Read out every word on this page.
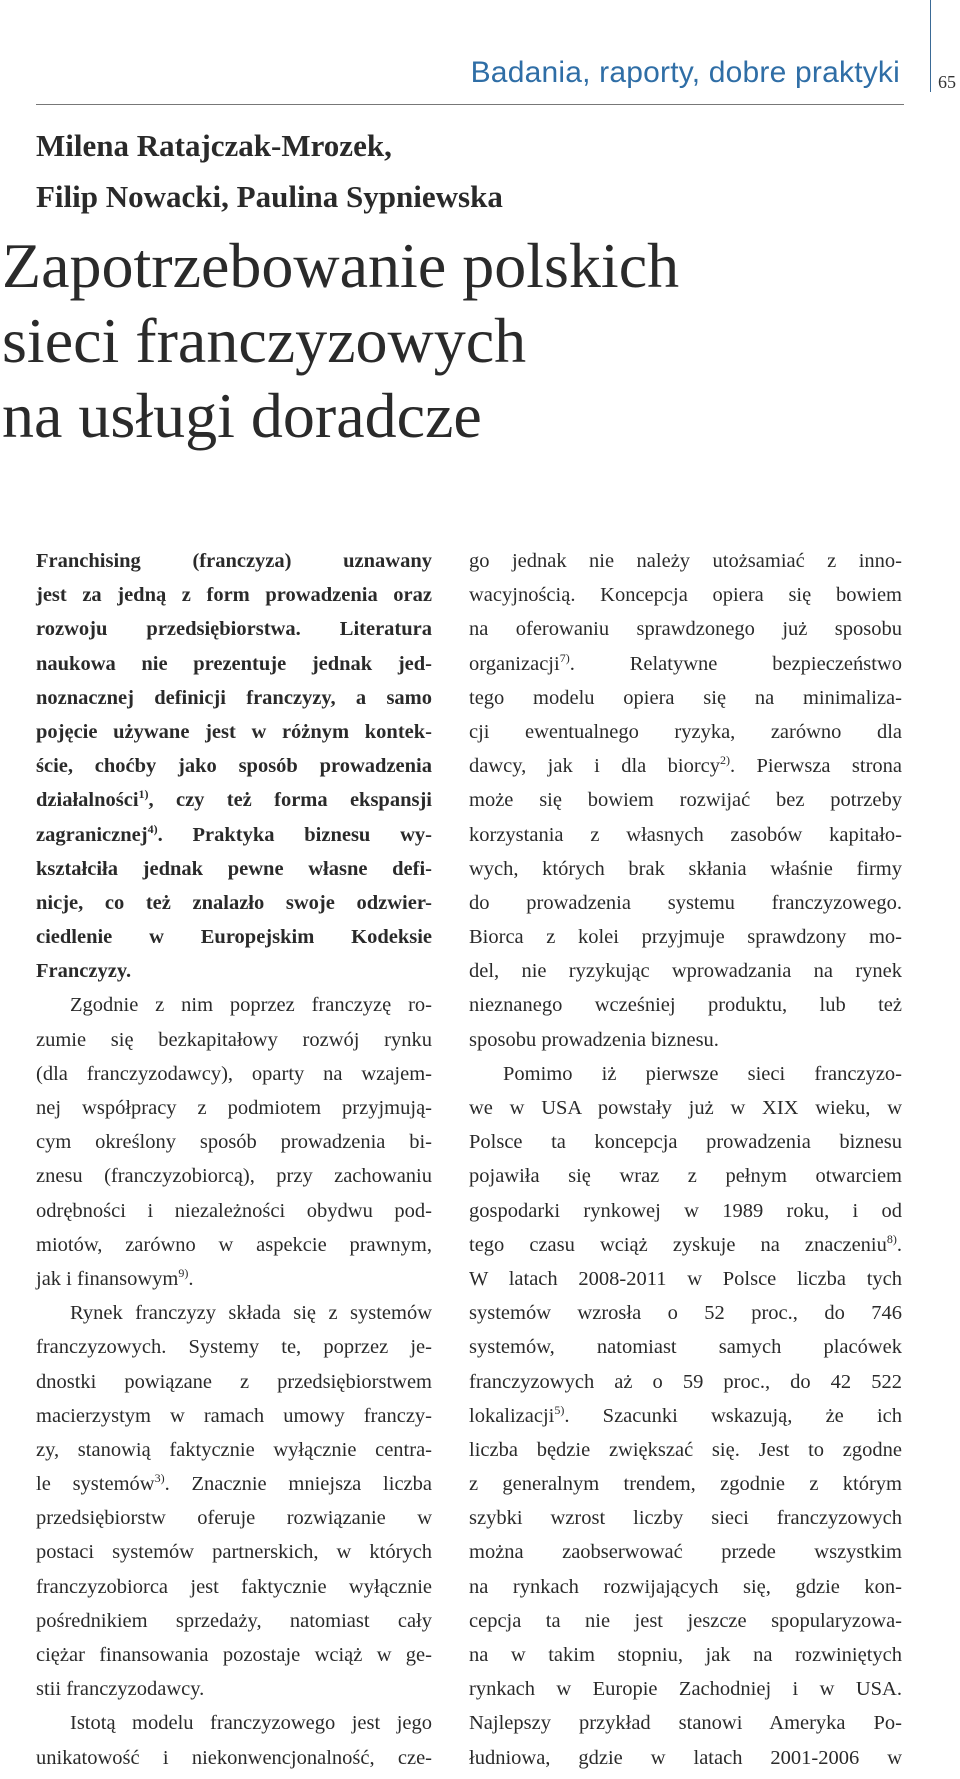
Badania, raporty, dobre praktyki 65
Milena Ratajczak-Mrozek,
Filip Nowacki, Paulina Sypniewska
Zapotrzebowanie polskich
sieci franczyzowych
na usługi doradcze
Franchising (franczyza) uznawany
jest za jedną z form prowadzenia oraz
rozwoju przedsiębiorstwa. Literatura
naukowa nie prezentuje jednak jed-
noznacznej definicji franczyzy, a samo
pojęcie używane jest w różnym kontek-
ście, choćby jako sposób prowadzenia
działalności$^{1)}$, czy też forma ekspansji
zagranicznej$^{4)}$. Praktyka biznesu wy-
kształciła jednak pewne własne defi-
nicje, co też znalazło swoje odzwier-
ciedlenie w Europejskim Kodeksie
Franczyzy.
Zgodnie z nim poprzez franczyzę ro-
zumie się bezkapitałowy rozwój rynku
(dla franczyzodawcy), oparty na wzajem-
nej współpracy z podmiotem przyjmują-
cym określony sposób prowadzenia bi-
znesu (franczyzobiorcą), przy zachowaniu
odrębności i niezależności obydwu pod-
miotów, zarówno w aspekcie prawnym,
jak i finansowym$^{9)}$.
Rynek franczyzy składa się z systemów
franczyzowych. Systemy te, poprzez je-
dnostki powiązane z przedsiębiorstwem
macierzystym w ramach umowy franczy-
zy, stanowią faktycznie wyłącznie centra-
le systemów$^{3)}$. Znacznie mniejsza liczba
przedsiębiorstw oferuje rozwiązanie w
postaci systemów partnerskich, w których
franczyzobiorca jest faktycznie wyłącznie
pośrednikiem sprzedaży, natomiast cały
ciężar finansowania pozostaje wciąż w ge-
stii franczyzodawcy.
Istotą modelu franczyzowego jest jego
unikatowość i niekonwencjonalność, cze-
go jednak nie należy utożsamiać z inno-
wacyjnością. Koncepcja opiera się bowiem
na oferowaniu sprawdzonego już sposobu
organizacji$^{7)}$. Relatywne bezpieczeństwo
tego modelu opiera się na minimaliza-
cji ewentualnego ryzyka, zarówno dla
dawcy, jak i dla biorcy$^{2)}$. Pierwsza strona
może się bowiem rozwijać bez potrzeby
korzystania z własnych zasobów kapitało-
wych, których brak skłania właśnie firmy
do prowadzenia systemu franczyzowego.
Biorca z kolei przyjmuje sprawdzony mo-
del, nie ryzykując wprowadzania na rynek
nieznanego wcześniej produktu, lub też
sposobu prowadzenia biznesu.
Pomimo iż pierwsze sieci franczyzo-
we w USA powstały już w XIX wieku, w
Polsce ta koncepcja prowadzenia biznesu
pojawiła się wraz z pełnym otwarciem
gospodarki rynkowej w 1989 roku, i od
tego czasu wciąż zyskuje na znaczeniu$^{8)}$.
W latach 2008-2011 w Polsce liczba tych
systemów wzrosła o 52 proc., do 746
systemów, natomiast samych placówek
franczyzowych aż o 59 proc., do 42 522
lokalizacji$^{5)}$. Szacunki wskazują, że ich
liczba będzie zwiększać się. Jest to zgodne
z generalnym trendem, zgodnie z którym
szybki wzrost liczby sieci franczyzowych
można zaobserwować przede wszystkim
na rynkach rozwijających się, gdzie kon-
cepcja ta nie jest jeszcze spopularyzowa-
na w takim stopniu, jak na rozwiniętych
rynkach w Europie Zachodniej i w USA.
Najlepszy przykład stanowi Ameryka Po-
łudniowa, gdzie w latach 2001-2006 w
